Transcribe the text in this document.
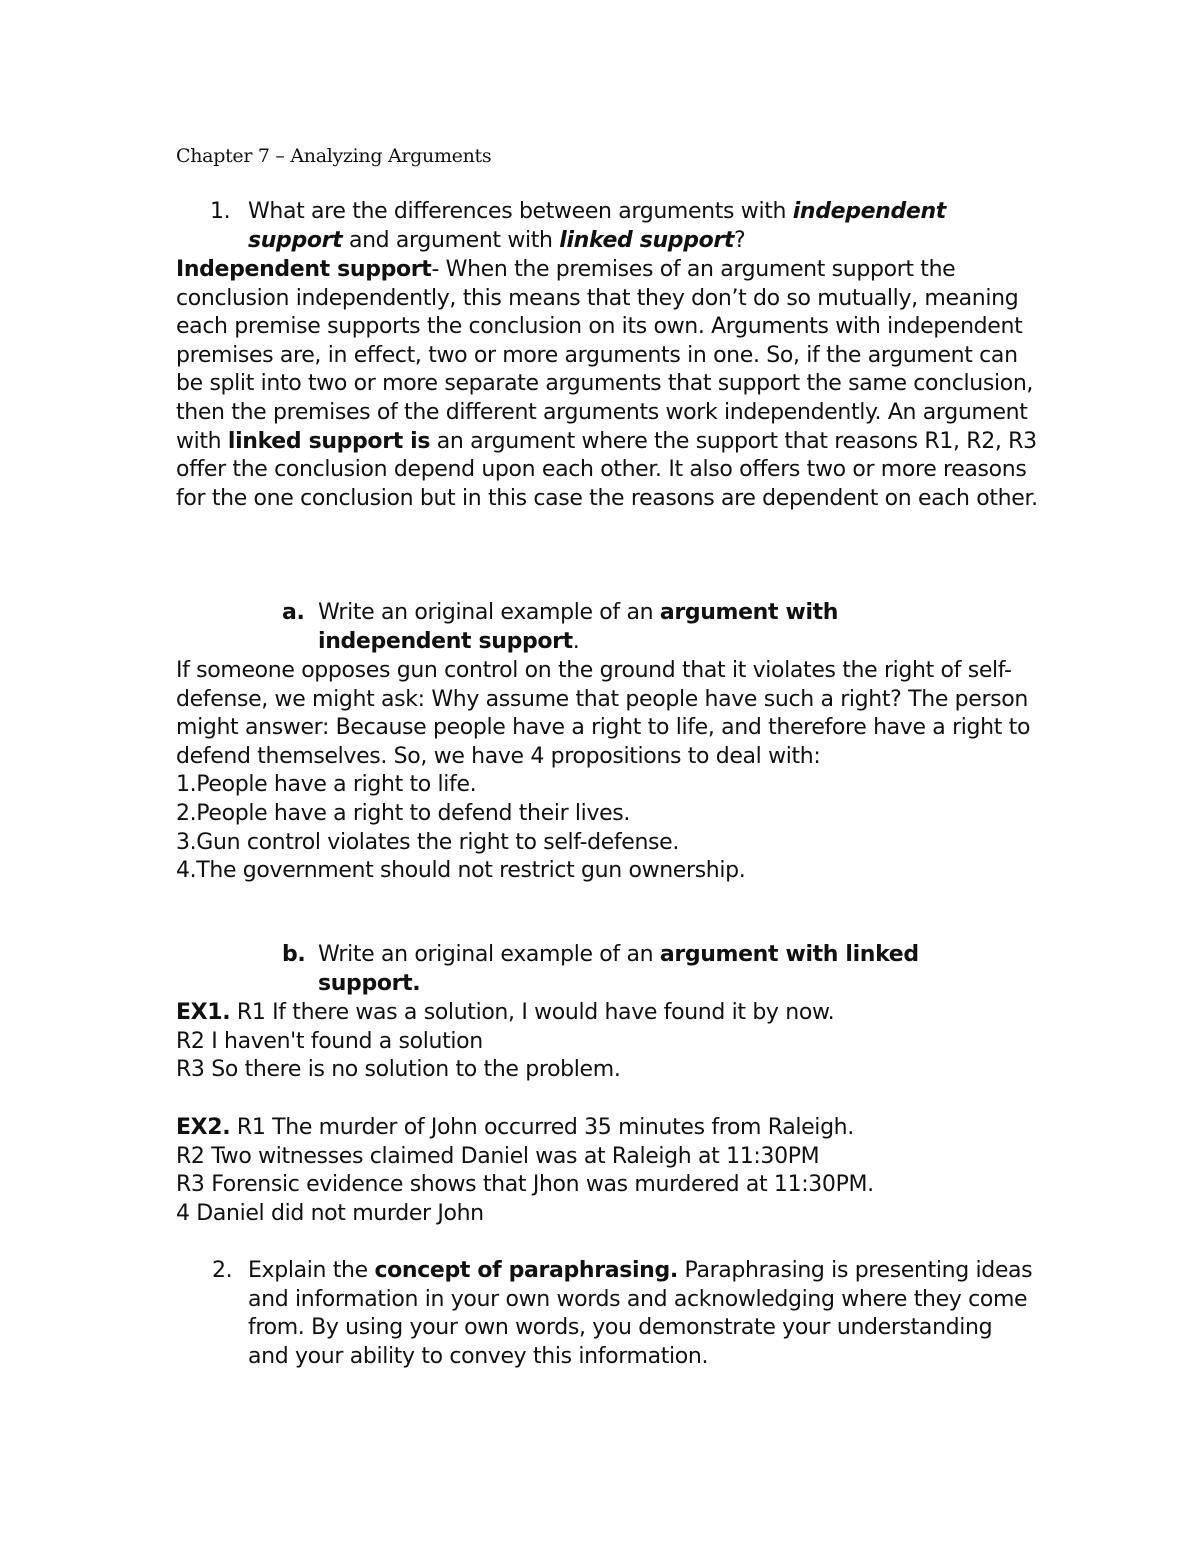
Chapter 7 – Analyzing Arguments
1. What are the differences between arguments with independent support and argument with linked support?

Independent support- When the premises of an argument support the conclusion independently, this means that they don’t do so mutually, meaning each premise supports the conclusion on its own. Arguments with independent premises are, in effect, two or more arguments in one. So, if the argument can be split into two or more separate arguments that support the same conclusion, then the premises of the different arguments work independently. An argument with linked support is an argument where the support that reasons R1, R2, R3 offer the conclusion depend upon each other. It also offers two or more reasons for the one conclusion but in this case the reasons are dependent on each other.

a. Write an original example of an argument with independent support.

If someone opposes gun control on the ground that it violates the right of self-defense, we might ask: Why assume that people have such a right? The person might answer: Because people have a right to life, and therefore have a right to defend themselves. So, we have 4 propositions to deal with:

1.People have a right to life.

2.People have a right to defend their lives.

3.Gun control violates the right to self-defense.

4.The government should not restrict gun ownership.

b. Write an original example of an argument with linked support.

EX1. R1 If there was a solution, I would have found it by now.

R2 I haven't found a solution

R3 So there is no solution to the problem.

EX2. R1 The murder of John occurred 35 minutes from Raleigh.

R2 Two witnesses claimed Daniel was at Raleigh at 11:30PM

R3 Forensic evidence shows that Jhon was murdered at 11:30PM.

4 Daniel did not murder John

2. Explain the concept of paraphrasing. Paraphrasing is presenting ideas and information in your own words and acknowledging where they come from. By using your own words, you demonstrate your understanding and your ability to convey this information.
